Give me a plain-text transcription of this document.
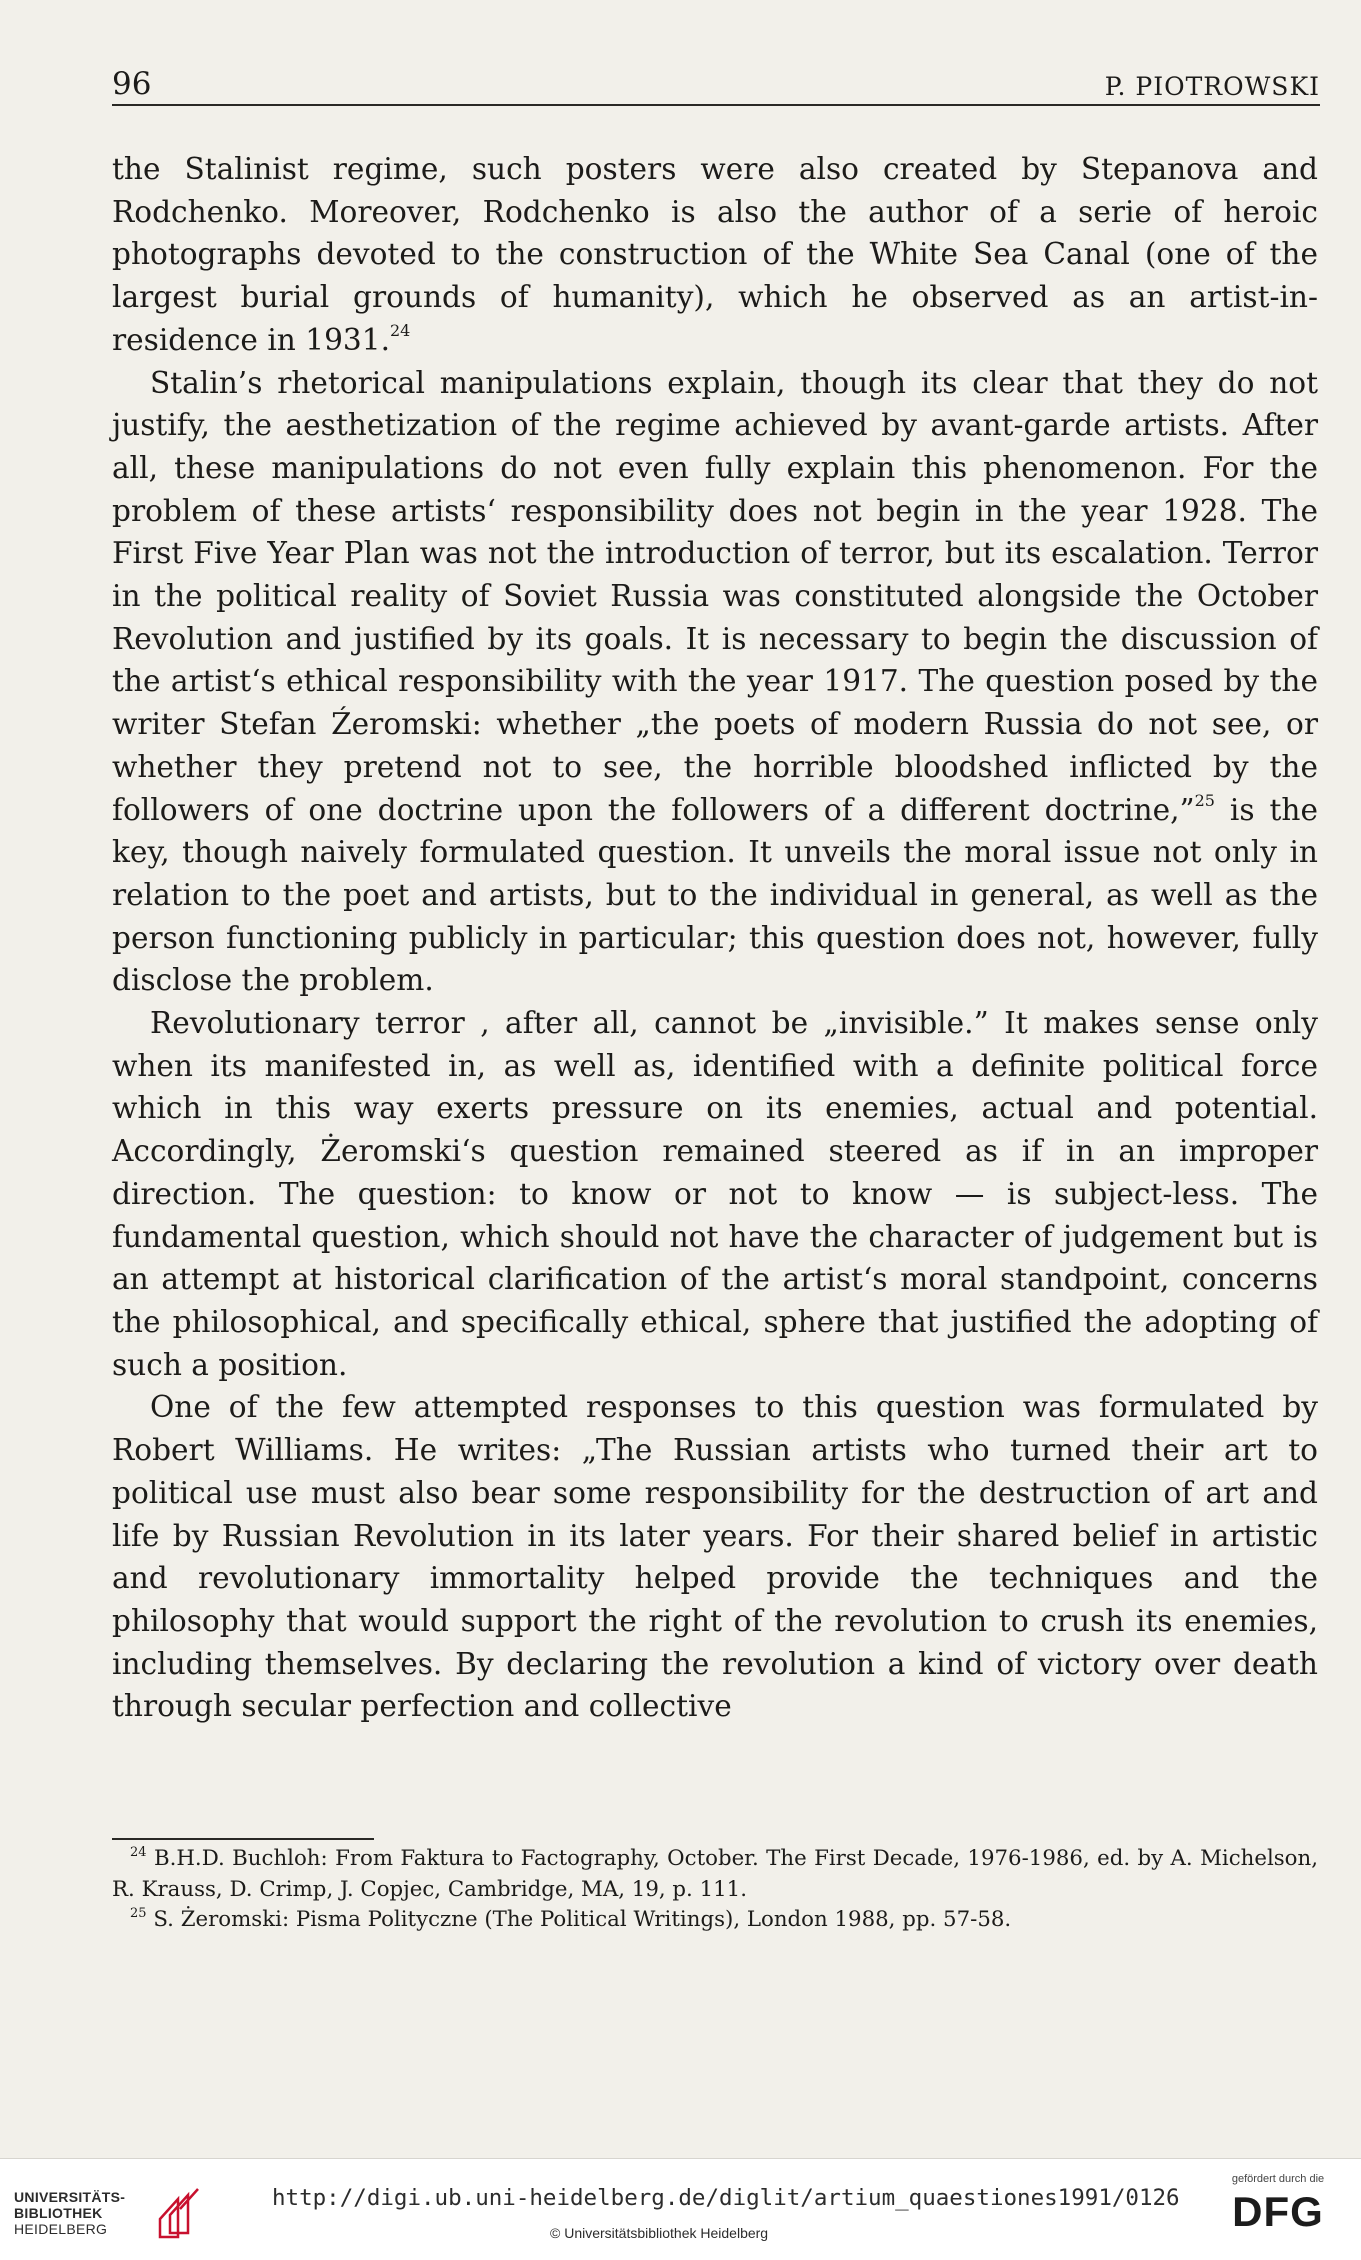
96	P. PIOTROWSKI

the Stalinist regime, such posters were also created by Stepanova and Rodchenko. Moreover, Rodchenko is also the author of a serie of heroic photographs devoted to the construction of the White Sea Canal (one of the largest burial grounds of humanity), which he observed as an artist-in-residence in 1931.24

Stalin’s rhetorical manipulations explain, though its clear that they do not justify, the aesthetization of the regime achieved by avant-garde artists. After all, these manipulations do not even fully explain this phenomenon. For the problem of these artists‘ responsibility does not begin in the year 1928. The First Five Year Plan was not the introduction of terror, but its escalation. Terror in the political reality of Soviet Russia was constituted alongside the October Revolution and justified by its goals. It is necessary to begin the discussion of the artist‘s ethical responsibility with the year 1917. The question posed by the writer Stefan Źeromski: whether „the poets of modern Russia do not see, or whether they pretend not to see, the horrible bloodshed inflicted by the followers of one doctrine upon the followers of a different doctrine,”$^{25}$ is the key, though naively formulated question. It unveils the moral issue not only in relation to the poet and artists, but to the individual in general, as well as the person functioning publicly in particular; this question does not, however, fully disclose the problem.

Revolutionary terror , after all, cannot be „invisible.” It makes sense only when its manifested in, as well as, identified with a definite political force which in this way exerts pressure on its enemies, actual and potential. Accordingly, Żeromski‘s question remained steered as if in an improper direction. The question: to know or not to know — is subject-less. The fundamental question, which should not have the character of judgement but is an attempt at historical clarification of the artist‘s moral standpoint, concerns the philosophical, and specifically ethical, sphere that justified the adopting of such a position.

One of the few attempted responses to this question was formulated by Robert Williams. He writes: „The Russian artists who turned their art to political use must also bear some responsibility for the destruction of art and life by Russian Revolution in its later years. For their shared belief in artistic and revolutionary immortality helped provide the techniques and the philosophy that would support the right of the revolution to crush its enemies, including themselves. By declaring the revolution a kind of victory over death through secular perfection and collective

$^{24}$ B.H.D. Buchloh: From Faktura to Factography, October. The First Decade, 1976-1986, ed. by A. Michelson, R. Krauss, D. Crimp, J. Copjec, Cambridge, MA, 19, p. 111.

$^{25}$ S. Żeromski: Pisma Polityczne (The Political Writings), London 1988, pp. 57-58.

UNIVERSITÄTS-
BIBLIOTHEK
HEIDELBERG
http://digi.ub.uni-heidelberg.de/diglit/artium_quaestiones1991/0126
© Universitätsbibliothek Heidelberg
gefördert durch die
DFG
